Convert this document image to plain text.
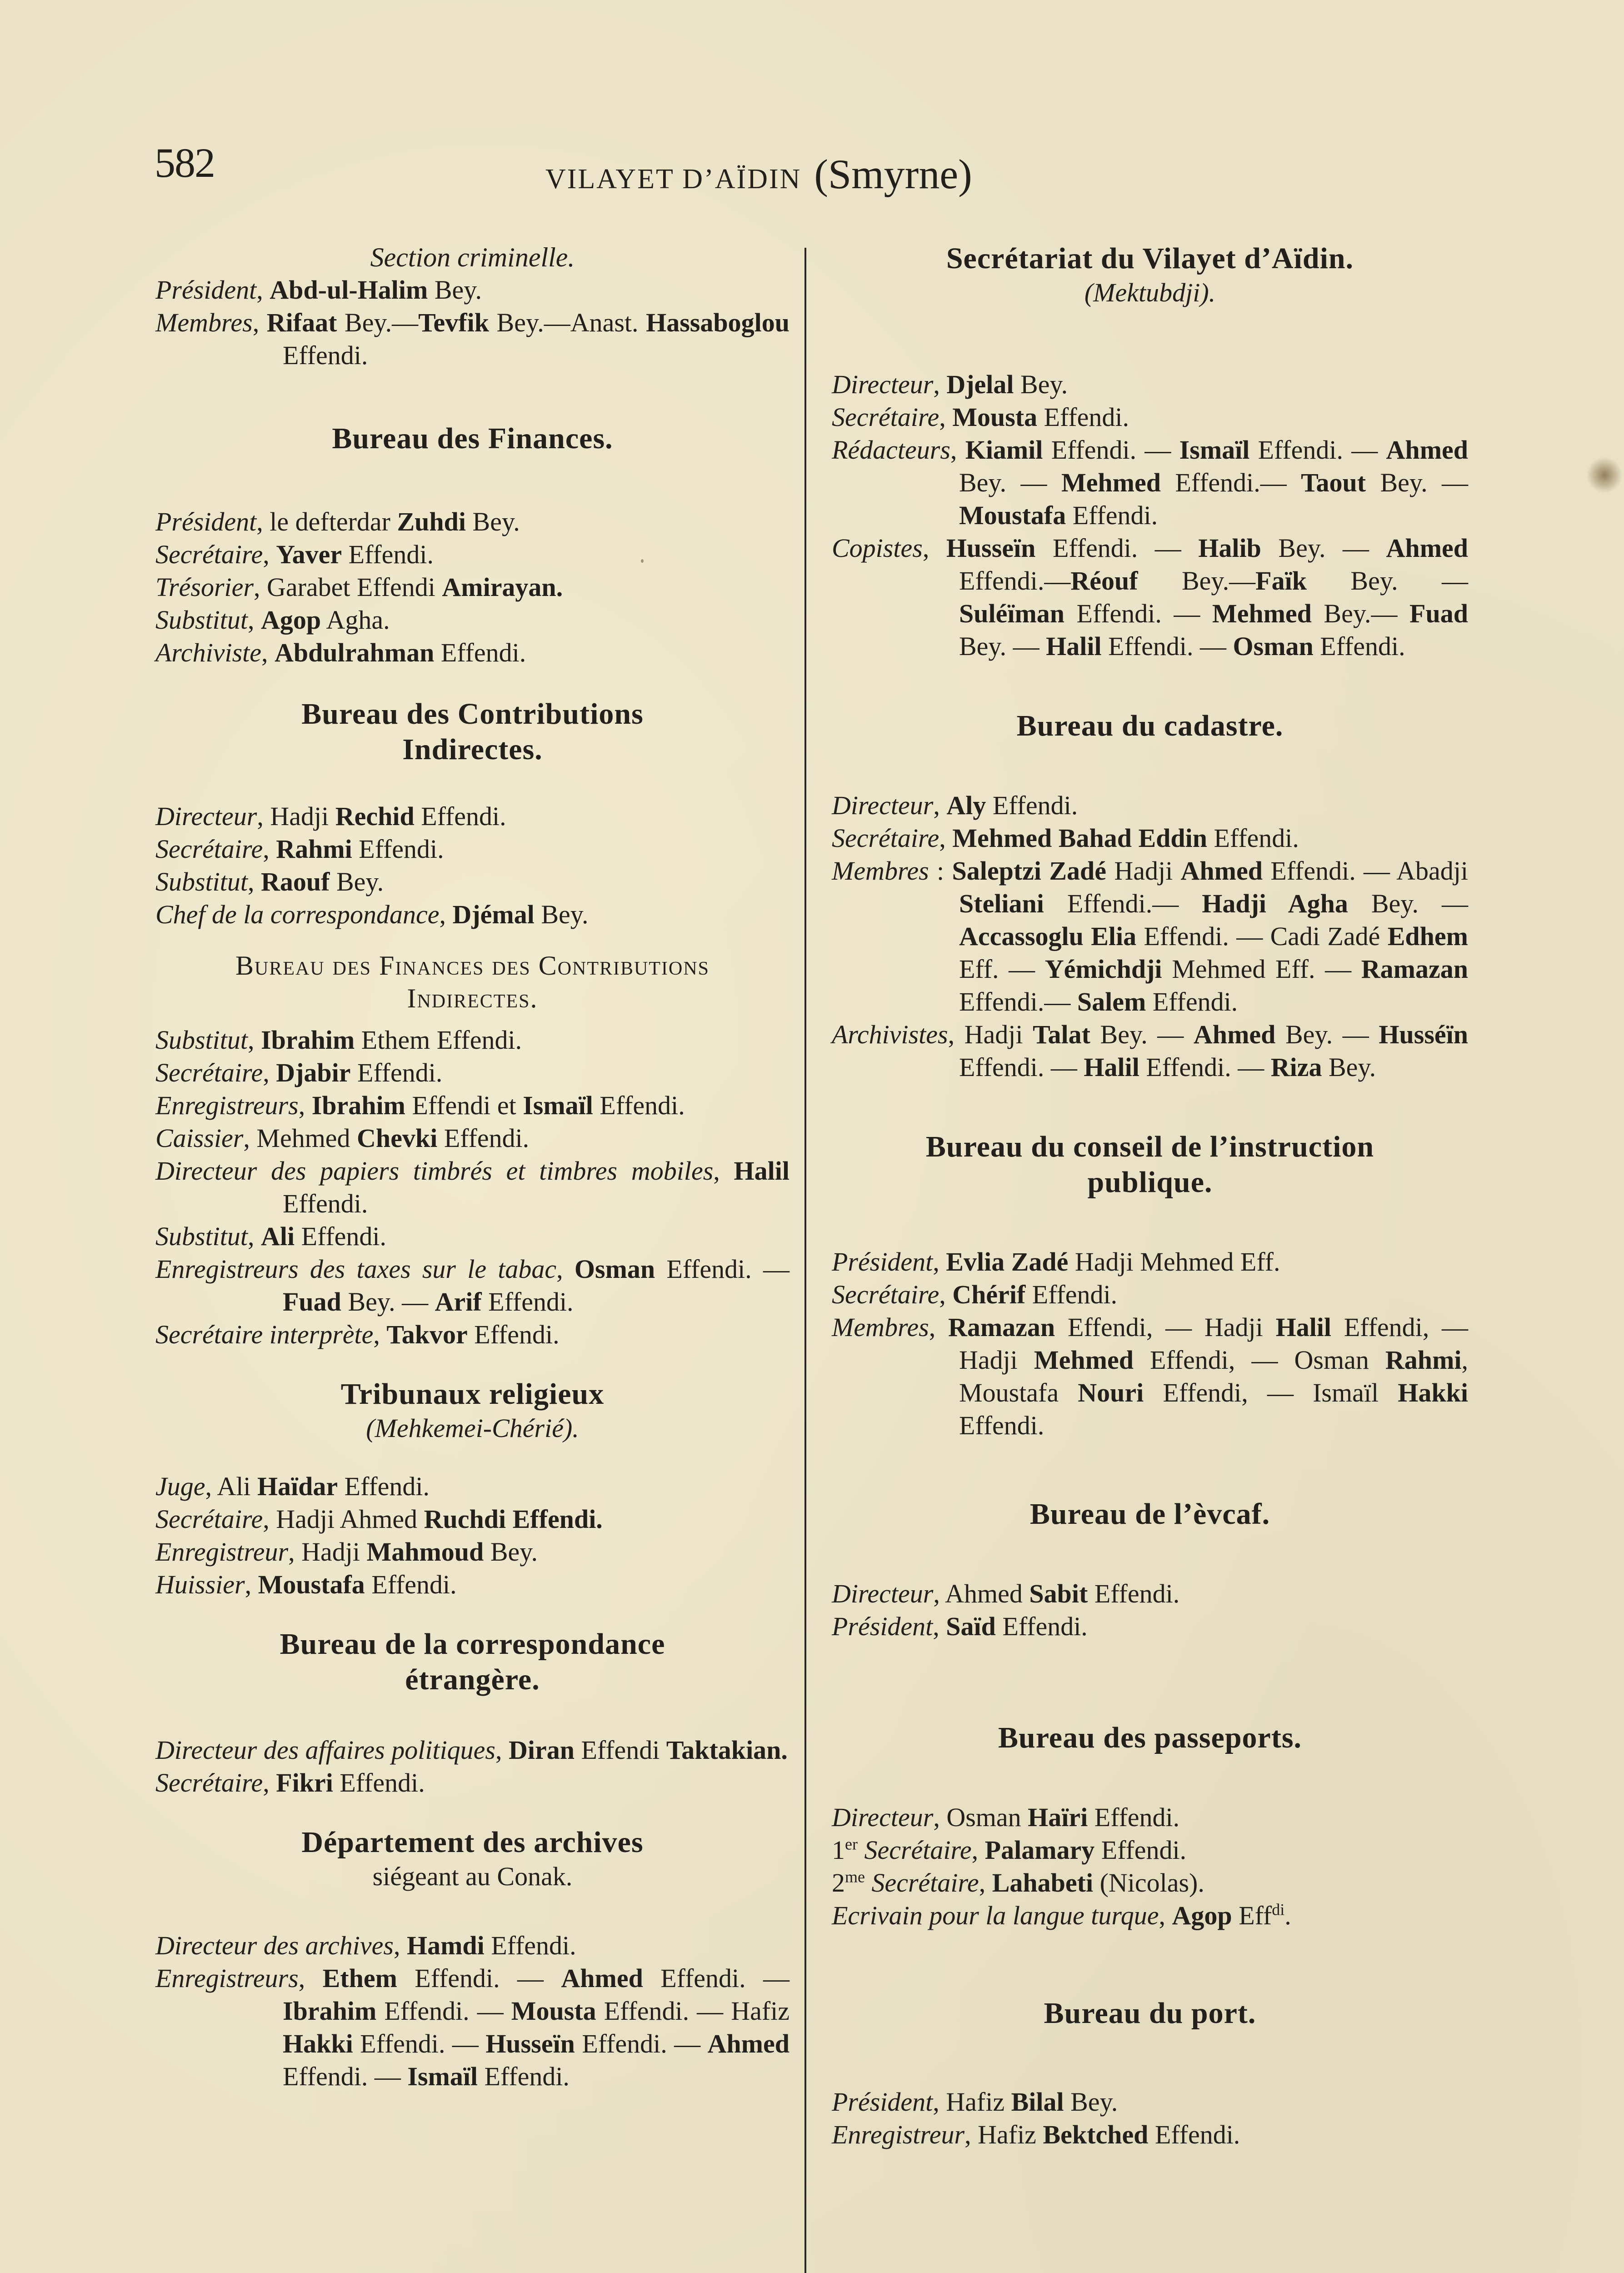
582	VILAYET D’AÏDIN (Smyrne)

Section criminelle.

Président, Abd-ul-Halim Bey.

Membres, Rifaat Bey.—Tevfik Bey.—Anast. Hassaboglou Effendi.

Bureau des Finances.

Président, le defterdar Zuhdi Bey.

Secrétaire, Yaver Effendi.

Trésorier, Garabet Effendi Amirayan.

Substitut, Agop Agha.

Archiviste, Abdulrahman Effendi.

Bureau des Contributions
Indirectes.

Directeur, Hadji Rechid Effendi.

Secrétaire, Rahmi Effendi.

Substitut, Raouf Bey.

Chef de la correspondance, Djémal Bey.

Bureau des Finances des Contributions
Indirectes.

Substitut, Ibrahim Ethem Effendi.

Secrétaire, Djabir Effendi.

Enregistreurs, Ibrahim Effendi et Ismaïl Effendi.

Caissier, Mehmed Chevki Effendi.

Directeur des papiers timbrés et timbres mobiles, Halil Effendi.

Substitut, Ali Effendi.

Enregistreurs des taxes sur le tabac, Osman Effendi. — Fuad Bey. — Arif Effendi.

Secrétaire interprète, Takvor Effendi.

Tribunaux religieux

(Mehkemei-Chérié).

Juge, Ali Haïdar Effendi.

Secrétaire, Hadji Ahmed Ruchdi Effendi.

Enregistreur, Hadji Mahmoud Bey.

Huissier, Moustafa Effendi.

Bureau de la correspondance
étrangère.

Directeur des affaires politiques, Diran Effendi Taktakian.

Secrétaire, Fikri Effendi.

Département des archives

siégeant au Conak.

Directeur des archives, Hamdi Effendi.

Enregistreurs, Ethem Effendi. — Ahmed Effendi. — Ibrahim Effendi. — Mousta Effendi. — Hafiz Hakki Effendi. — Husseïn Effendi. — Ahmed Effendi. — Ismaïl Effendi.

Secrétariat du Vilayet d’Aïdin.

(Mektubdji).

Directeur, Djelal Bey.

Secrétaire, Mousta Effendi.

Rédacteurs, Kiamil Effendi. — Ismaïl Effendi. — Ahmed Bey. — Mehmed Effendi.— Taout Bey. — Moustafa Effendi.

Copistes, Husseïn Effendi. — Halib Bey. — Ahmed Effendi.—Réouf Bey.—Faïk Bey. — Suléïman Effendi. — Mehmed Bey.— Fuad Bey. — Halil Effendi. — Osman Effendi.

Bureau du cadastre.

Directeur, Aly Effendi.

Secrétaire, Mehmed Bahad Eddin Effendi.

Membres : Saleptzi Zadé Hadji Ahmed Effendi. — Abadji Steliani Effendi.— Hadji Agha Bey. — Accassoglu Elia Effendi. — Cadi Zadé Edhem Eff. — Yémichdji Mehmed Eff. — Ramazan Effendi.— Salem Effendi.

Archivistes, Hadji Talat Bey. — Ahmed Bey. — Husséïn Effendi. — Halil Effendi. — Riza Bey.

Bureau du conseil de l’instruction
publique.

Président, Evlia Zadé Hadji Mehmed Eff.

Secrétaire, Chérif Effendi.

Membres, Ramazan Effendi, — Hadji Halil Effendi, — Hadji Mehmed Effendi, — Osman Rahmi, Moustafa Nouri Effendi, — Ismaïl Hakki Effendi.

Bureau de l’èvcaf.

Directeur, Ahmed Sabit Effendi.

Président, Saïd Effendi.

Bureau des passeports.

Directeur, Osman Haïri Effendi.

1er Secrétaire, Palamary Effendi.

$2^{me}$ Secrétaire, Lahabeti (Nicolas).

Ecrivain pour la langue turque, Agop Eff$^{di}$.

Bureau du port.

Président, Hafiz Bilal Bey.

Enregistreur, Hafiz Bektched Effendi.
